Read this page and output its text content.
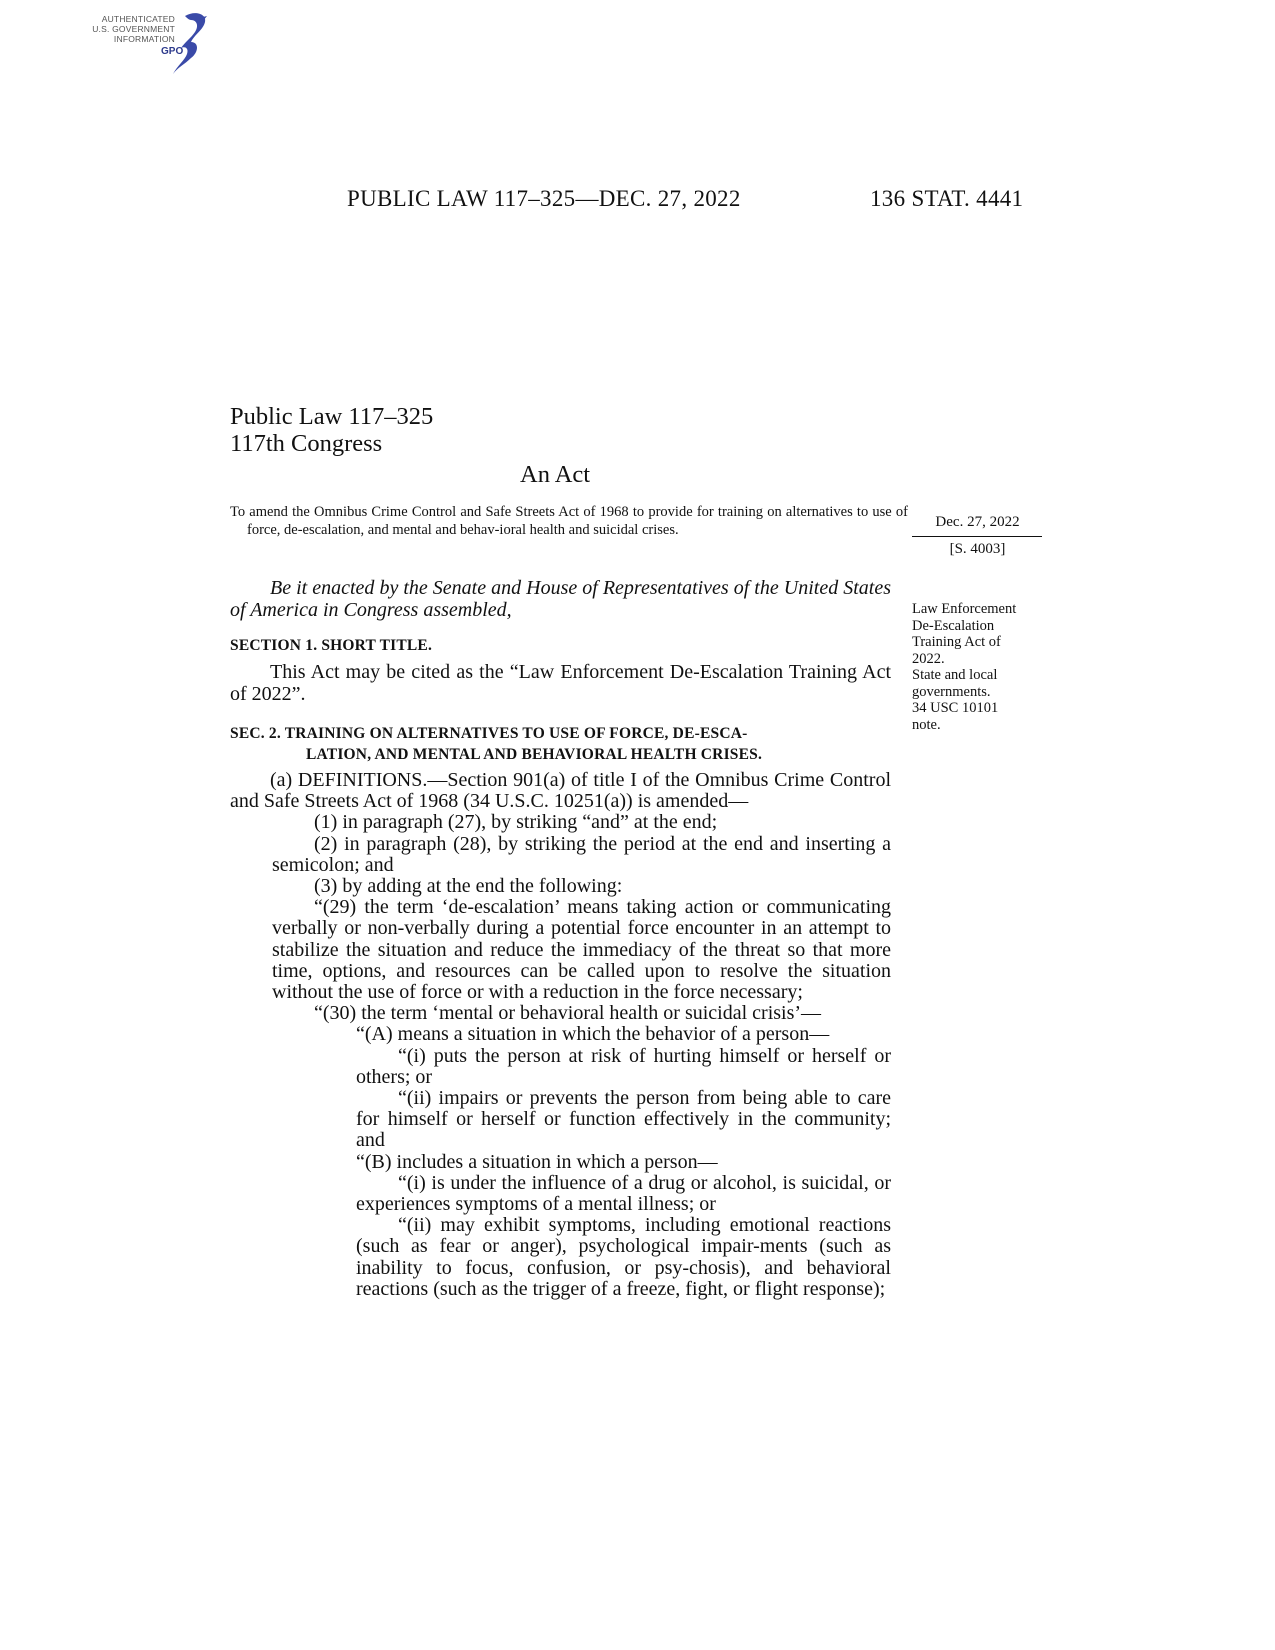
AUTHENTICATED
U.S. GOVERNMENT
INFORMATION
GPO
PUBLIC LAW 117–325—DEC. 27, 2022	136 STAT. 4441
Public Law 117–325
117th Congress
An Act
To amend the Omnibus Crime Control and Safe Streets Act of 1968 to provide for training on alternatives to use of force, de-escalation, and mental and behav-ioral health and suicidal crises.	Dec. 27, 2022
[S. 4003]
Law Enforcement
De-Escalation
Training Act of
2022.
State and local
governments.
34 USC 10101
note.
Be it enacted by the Senate and House of Representatives of the United States of America in Congress assembled,
SECTION 1. SHORT TITLE.
This Act may be cited as the “Law Enforcement De-Escalation Training Act of 2022”.
SEC. 2. TRAINING ON ALTERNATIVES TO USE OF FORCE, DE-ESCA-
LATION, AND MENTAL AND BEHAVIORAL HEALTH CRISES.
(a) DEFINITIONS.—Section 901(a) of title I of the Omnibus Crime Control and Safe Streets Act of 1968 (34 U.S.C. 10251(a)) is amended—
(1) in paragraph (27), by striking “and” at the end;
(2) in paragraph (28), by striking the period at the end and inserting a semicolon; and
(3) by adding at the end the following:
“(29) the term ‘de-escalation’ means taking action or communicating verbally or non-verbally during a potential force encounter in an attempt to stabilize the situation and reduce the immediacy of the threat so that more time, options, and resources can be called upon to resolve the situation without the use of force or with a reduction in the force necessary;
“(30) the term ‘mental or behavioral health or suicidal crisis’—
“(A) means a situation in which the behavior of a person—
“(i) puts the person at risk of hurting himself or herself or others; or
“(ii) impairs or prevents the person from being able to care for himself or herself or function effectively in the community; and
“(B) includes a situation in which a person—
“(i) is under the influence of a drug or alcohol, is suicidal, or experiences symptoms of a mental illness; or
“(ii) may exhibit symptoms, including emotional reactions (such as fear or anger), psychological impair-ments (such as inability to focus, confusion, or psy-chosis), and behavioral reactions (such as the trigger of a freeze, fight, or flight response);
